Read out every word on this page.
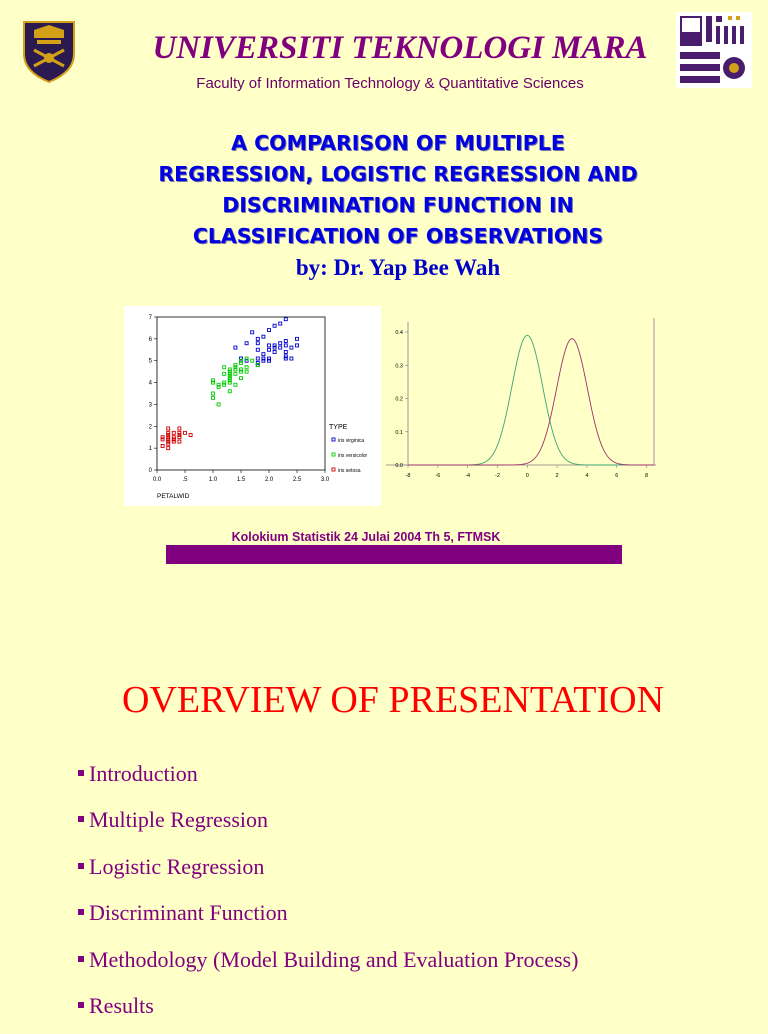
UNIVERSITI TEKNOLOGI MARA
Faculty of Information Technology & Quantitative Sciences
A COMPARISON OF MULTIPLE
REGRESSION, LOGISTIC REGRESSION AND
DISCRIMINATION FUNCTION IN
CLASSIFICATION OF OBSERVATIONS
by: Dr. Yap Bee Wah
0.0	.5	1.0	1.5	2.0	2.5	3.0
0
1
2
3
4
5
6
7
PETALWID
TYPE
iris virginica
iris versicolor
iris setosa
-8	-6	-4	-2	0	2	4	6	8
0.0
0.1
0.2
0.3
0.4
Kolokium Statistik 24 Julai 2004 Th 5, FTMSK
OVERVIEW OF PRESENTATION
Introduction
Multiple Regression
Logistic Regression
Discriminant Function
Methodology (Model Building and Evaluation Process)
Results
